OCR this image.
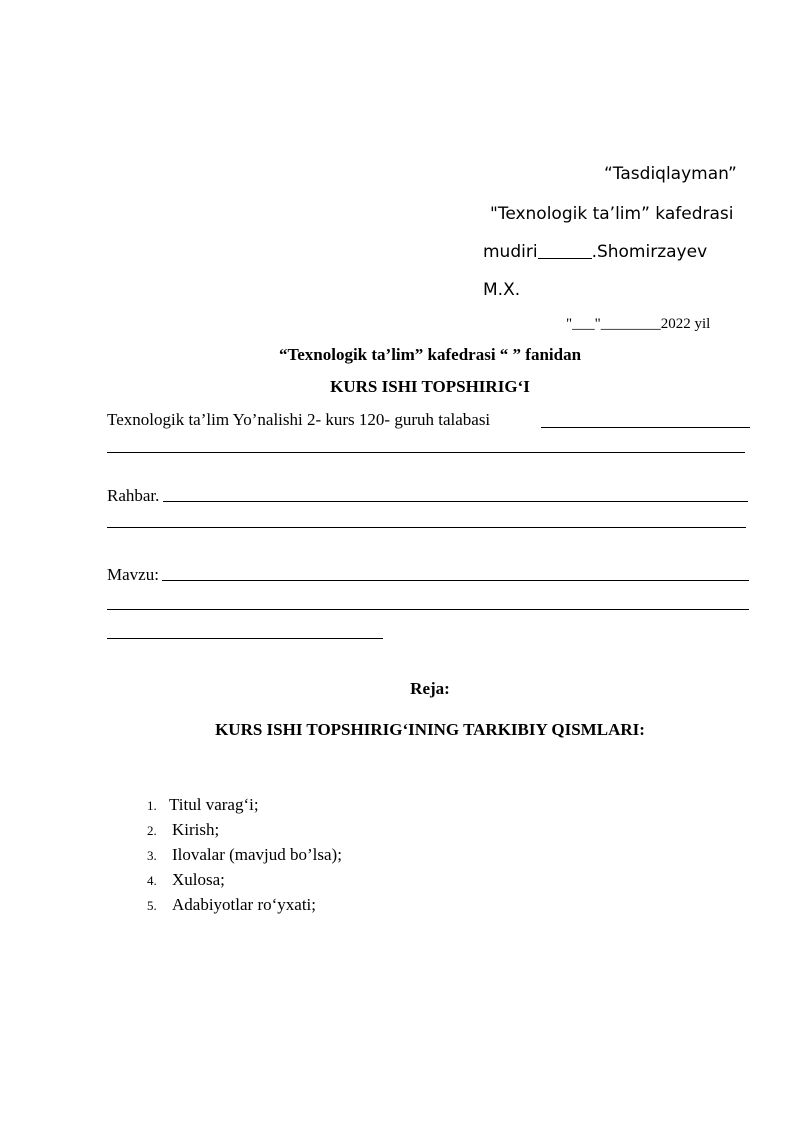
“Tasdiqlayman”
"Texnologik ta’lim” kafedrasi
mudiri	.Shomirzayev
M.X.
"___"________2022 yil
“Texnologik ta’lim” kafedrasi “ ” fanidan
KURS ISHI TOPSHIRIG‘I
Texnologik ta’lim Yo’nalishi 2- kurs 120- guruh talabasi
Rahbar.
Mavzu:
Reja:
KURS ISHI TOPSHIRIG‘INING TARKIBIY QISMLARI:
1. Titul varag‘i;
2. Kirish;
3. Ilovalar (mavjud bo’lsa);
4. Xulosa;
5. Adabiyotlar ro‘yxati;
